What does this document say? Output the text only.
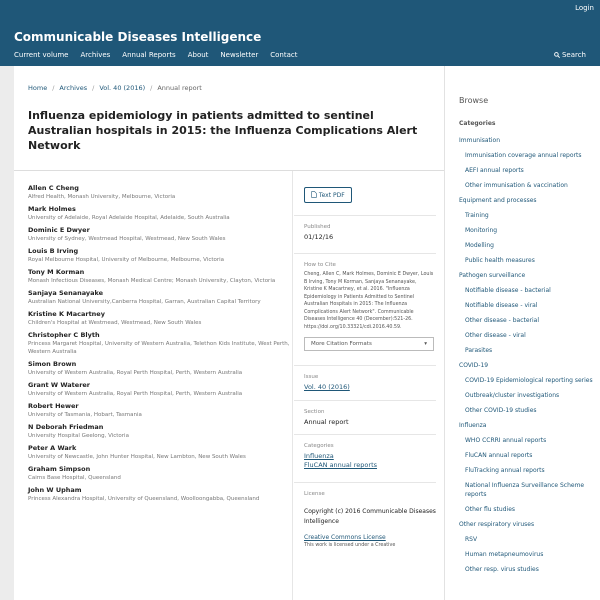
Login
Communicable Diseases Intelligence
Current volume Archives Annual Reports About Newsletter Contact	Search
Home / Archives / Vol. 40 (2016) / Annual report
Influenza epidemiology in patients admitted to sentinel Australian hospitals in 2015: the Influenza Complications Alert Network
Allen C Cheng
Alfred Health, Monash University, Melbourne, Victoria
Mark Holmes
University of Adelaide, Royal Adelaide Hospital, Adelaide, South Australia
Dominic E Dwyer
University of Sydney, Westmead Hospital, Westmead, New South Wales
Louis B Irving
Royal Melbourne Hospital, University of Melbourne, Melbourne, Victoria
Tony M Korman
Monash Infectious Diseases, Monash Medical Centre; Monash University, Clayton, Victoria
Sanjaya Senanayake
Australian National University,Canberra Hospital, Garran, Australian Capital Territory
Kristine K Macartney
Children's Hospital at Westmead, Westmead, New South Wales
Christopher C Blyth
Princess Margaret Hospital, University of Western Australia, Telethon Kids Institute, West Perth, Western Australia
Simon Brown
University of Western Australia, Royal Perth Hospital, Perth, Western Australia
Grant W Waterer
University of Western Australia, Royal Perth Hospital, Perth, Western Australia
Robert Hewer
University of Tasmania, Hobart, Tasmania
N Deborah Friedman
University Hospital Geelong, Victoria
Peter A Wark
University of Newcastle, John Hunter Hospital, New Lambton, New South Wales
Graham Simpson
Cairns Base Hospital, Queensland
John W Upham
Princess Alexandra Hospital, University of Queensland, Woolloongabba, Queensland
Text PDF
Published
01/12/16
How to Cite
Cheng, Allen C, Mark Holmes, Dominic E Dwyer, Louis B Irving, Tony M Korman, Sanjaya Senanayake, Kristine K Macartney, et al. 2016. "Influenza Epidemiology in Patients Admitted to Sentinel Australian Hospitals in 2015: The Influenza Complications Alert Network". Communicable Diseases Intelligence 40 (December):521-26. https://doi.org/10.33321/cdi.2016.40.59.
More Citation Formats	▾
Issue
Vol. 40 (2016)
Section
Annual report
Categories
Influenza
FluCAN annual reports
License
Copyright (c) 2016 Communicable Diseases Intelligence
Creative Commons License
This work is licensed under a Creative
Browse
Categories
Immunisation
Immunisation coverage annual reports
AEFI annual reports
Other immunisation & vaccination
Equipment and processes
Training
Monitoring
Modelling
Public health measures
Pathogen surveillance
Notifiable disease - bacterial
Notifiable disease - viral
Other disease - bacterial
Other disease - viral
Parasites
COVID-19
COVID-19 Epidemiological reporting series
Outbreak/cluster investigations
Other COVID-19 studies
Influenza
WHO CCRRI annual reports
FluCAN annual reports
FluTracking annual reports
National Influenza Surveillance Scheme reports
Other flu studies
Other respiratory viruses
RSV
Human metapneumovirus
Other resp. virus studies
